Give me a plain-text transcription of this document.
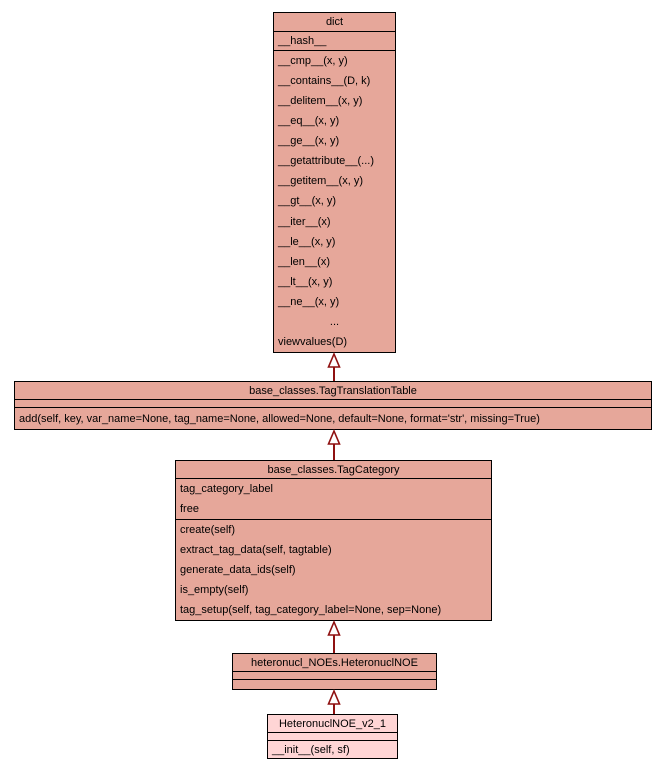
dict
__hash__
__cmp__(x, y)
__contains__(D, k)
__delitem__(x, y)
__eq__(x, y)
__ge__(x, y)
__getattribute__(...)
__getitem__(x, y)
__gt__(x, y)
__iter__(x)
__le__(x, y)
__len__(x)
__lt__(x, y)
__ne__(x, y)
...
viewvalues(D)
base_classes.TagTranslationTable
add(self, key, var_name=None, tag_name=None, allowed=None, default=None, format='str', missing=True)
base_classes.TagCategory
tag_category_label
free
create(self)
extract_tag_data(self, tagtable)
generate_data_ids(self)
is_empty(self)
tag_setup(self, tag_category_label=None, sep=None)
heteronucl_NOEs.HeteronuclNOE
HeteronuclNOE_v2_1
__init__(self, sf)
